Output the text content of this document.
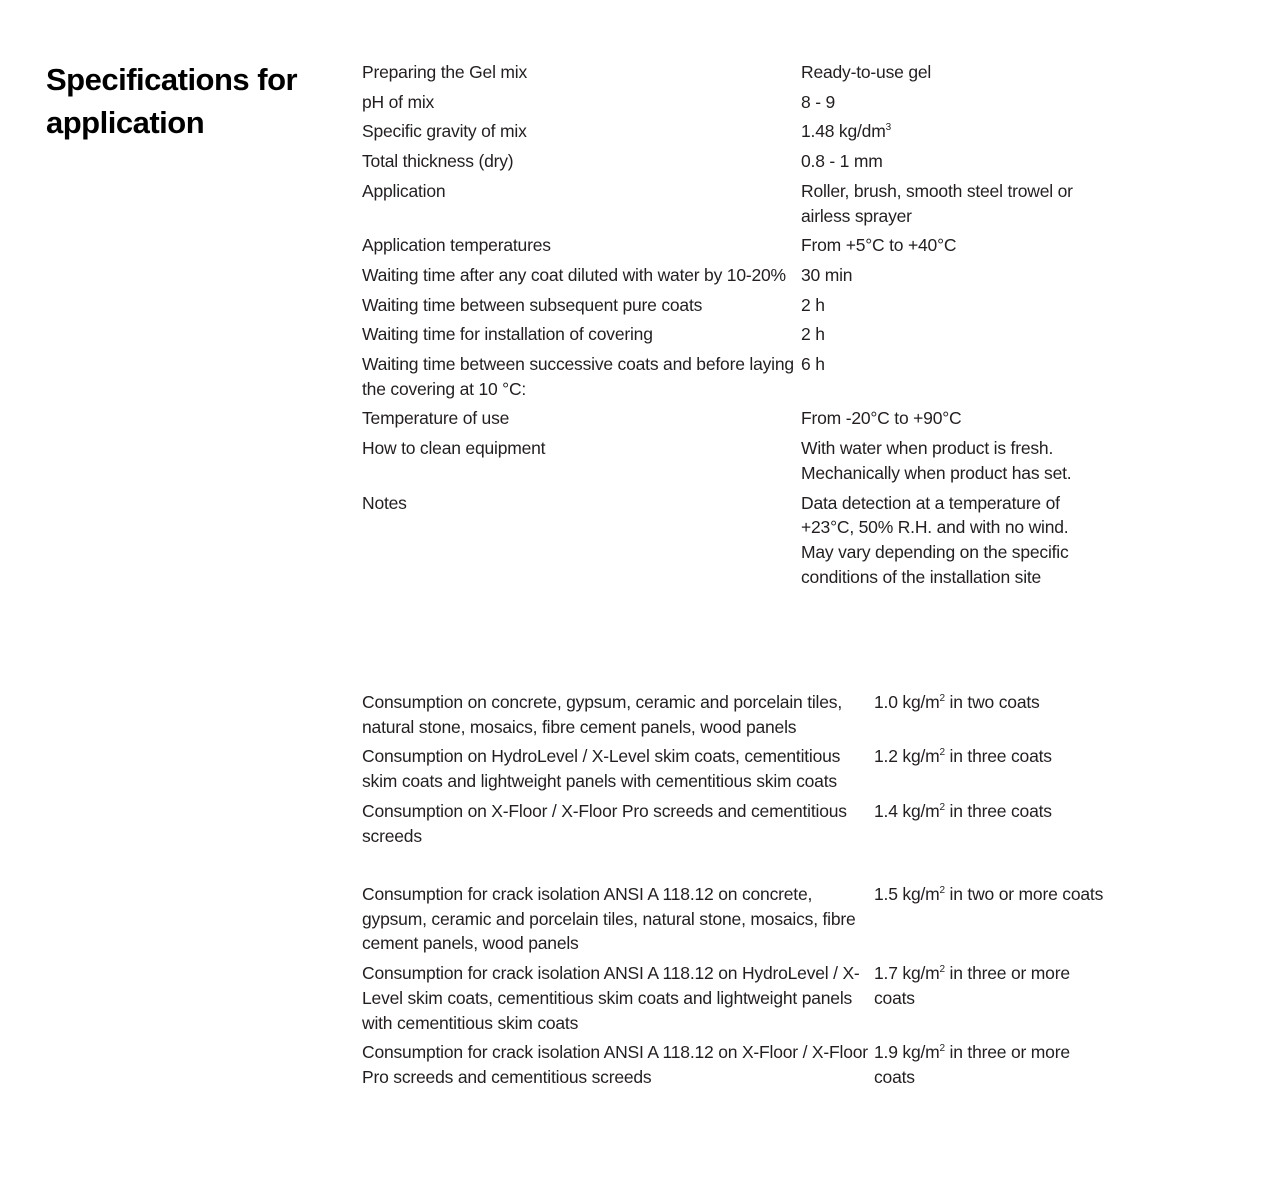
Specifications for application
Preparing the Gel mix	Ready-to-use gel
pH of mix	8 - 9
Specific gravity of mix	1.48 $kg/dm^3$
Total thickness (dry)	0.8 - 1 mm
Application	Roller, brush, smooth steel trowel or airless sprayer
Application temperatures	From +5°C to +40°C
Waiting time after any coat diluted with water by 10-20%	30 min
Waiting time between subsequent pure coats	2 h
Waiting time for installation of covering	2 h
Waiting time between successive coats and before laying the covering at 10 °C:	6 h
Temperature of use	From -20°C to +90°C
How to clean equipment	With water when product is fresh. Mechanically when product has set.
Notes	Data detection at a temperature of +23°C, 50% R.H. and with no wind. May vary depending on the specific conditions of the installation site
Consumption on concrete, gypsum, ceramic and porcelain tiles, natural stone, mosaics, fibre cement panels, wood panels	1.0 $kg/m^2$ in two coats
Consumption on HydroLevel / X-Level skim coats, cementitious skim coats and lightweight panels with cementitious skim coats	1.2 $kg/m^2$ in three coats
Consumption on X-Floor / X-Floor Pro screeds and cementitious screeds	1.4 $kg/m^2$ in three coats
Consumption for crack isolation ANSI A 118.12 on concrete, gypsum, ceramic and porcelain tiles, natural stone, mosaics, fibre cement panels, wood panels	1.5 $kg/m^2$ in two or more coats
Consumption for crack isolation ANSI A 118.12 on HydroLevel / X-Level skim coats, cementitious skim coats and lightweight panels with cementitious skim coats	1.7 $kg/m^2$ in three or more coats
Consumption for crack isolation ANSI A 118.12 on X-Floor / X-Floor Pro screeds and cementitious screeds	1.9 $kg/m^2$ in three or more coats
